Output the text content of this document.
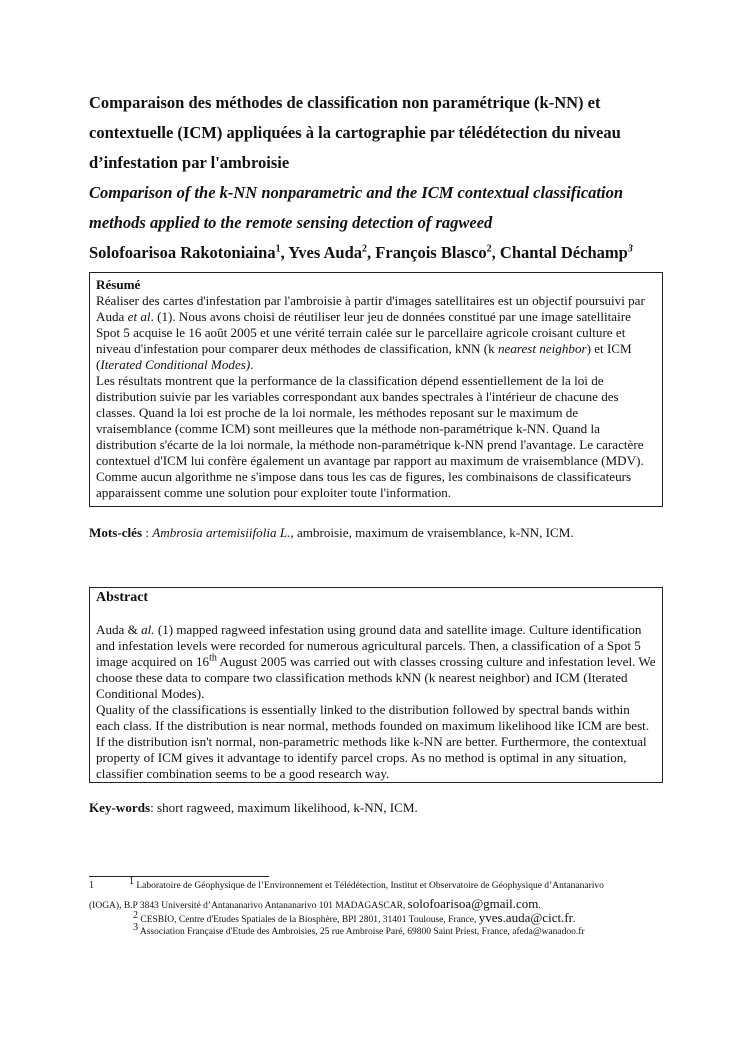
Comparaison des méthodes de classification non paramétrique (k-NN) et contextuelle (ICM) appliquées à la cartographie par télédétection du niveau d’infestation par l'ambroisie

Comparison of the k-NN nonparametric and the ICM contextual classification methods applied to the remote sensing detection of ragweed

Solofoarisoa Rakotoniaina$^1$, Yves Auda$^2$, François Blasco$^2$, Chantal Déchamp$^3$

Résumé

Réaliser des cartes d'infestation par l'ambroisie à partir d'images satellitaires est un objectif poursuivi par Auda et al. (1). Nous avons choisi de réutiliser leur jeu de données constitué par une image satellitaire Spot 5 acquise le 16 août 2005 et une vérité terrain calée sur le parcellaire agricole croisant culture et niveau d'infestation pour comparer deux méthodes de classification, kNN (k nearest neighbor) et ICM (Iterated Conditional Modes).

Les résultats montrent que la performance de la classification dépend essentiellement de la loi de distribution suivie par les variables correspondant aux bandes spectrales à l'intérieur de chacune des classes. Quand la loi est proche de la loi normale, les méthodes reposant sur le maximum de vraisemblance (comme ICM) sont meilleures que la méthode non-paramétrique k-NN. Quand la distribution s'écarte de la loi normale, la méthode non-paramétrique k-NN prend l'avantage. Le caractère contextuel d'ICM lui confère également un avantage par rapport au maximum de vraisemblance (MDV). Comme aucun algorithme ne s'impose dans tous les cas de figures, les combinaisons de classificateurs apparaissent comme une solution pour exploiter toute l'information.

Mots-clés : Ambrosia artemisiifolia L., ambroisie, maximum de vraisemblance, k-NN, ICM.

Abstract

Auda & al. (1) mapped ragweed infestation using ground data and satellite image. Culture identification and infestation levels were recorded for numerous agricultural parcels. Then, a classification of a Spot 5 image acquired on 16th August 2005 was carried out with classes crossing culture and infestation level. We choose these data to compare two classification methods kNN (k nearest neighbor) and ICM (Iterated Conditional Modes).

Quality of the classifications is essentially linked to the distribution followed by spectral bands within each class. If the distribution is near normal, methods founded on maximum likelihood like ICM are best. If the distribution isn't normal, non-parametric methods like k-NN are better. Furthermore, the contextual property of ICM gives it advantage to identify parcel crops. As no method is optimal in any situation, classifier combination seems to be a good research way.

Key-words: short ragweed, maximum likelihood, k-NN, ICM.

1	$^1$ Laboratoire de Géophysique de l’Environnement et Télédétection, Institut et Observatoire de Géophysique d’Antananarivo

(IOGA), B.P 3843 Université d’Antananarivo Antananarivo 101 MADAGASCAR, solofoarisoa@gmail.com.

$^2$ CESBIO, Centre d'Etudes Spatiales de la Biosphère, BPI 2801, 31401 Toulouse, France, yves.auda@cict.fr.

$^3$ Association Française d'Etude des Ambroisies, 25 rue Ambroise Paré, 69800 Saint Priest, France, afeda@wanadoo.fr
